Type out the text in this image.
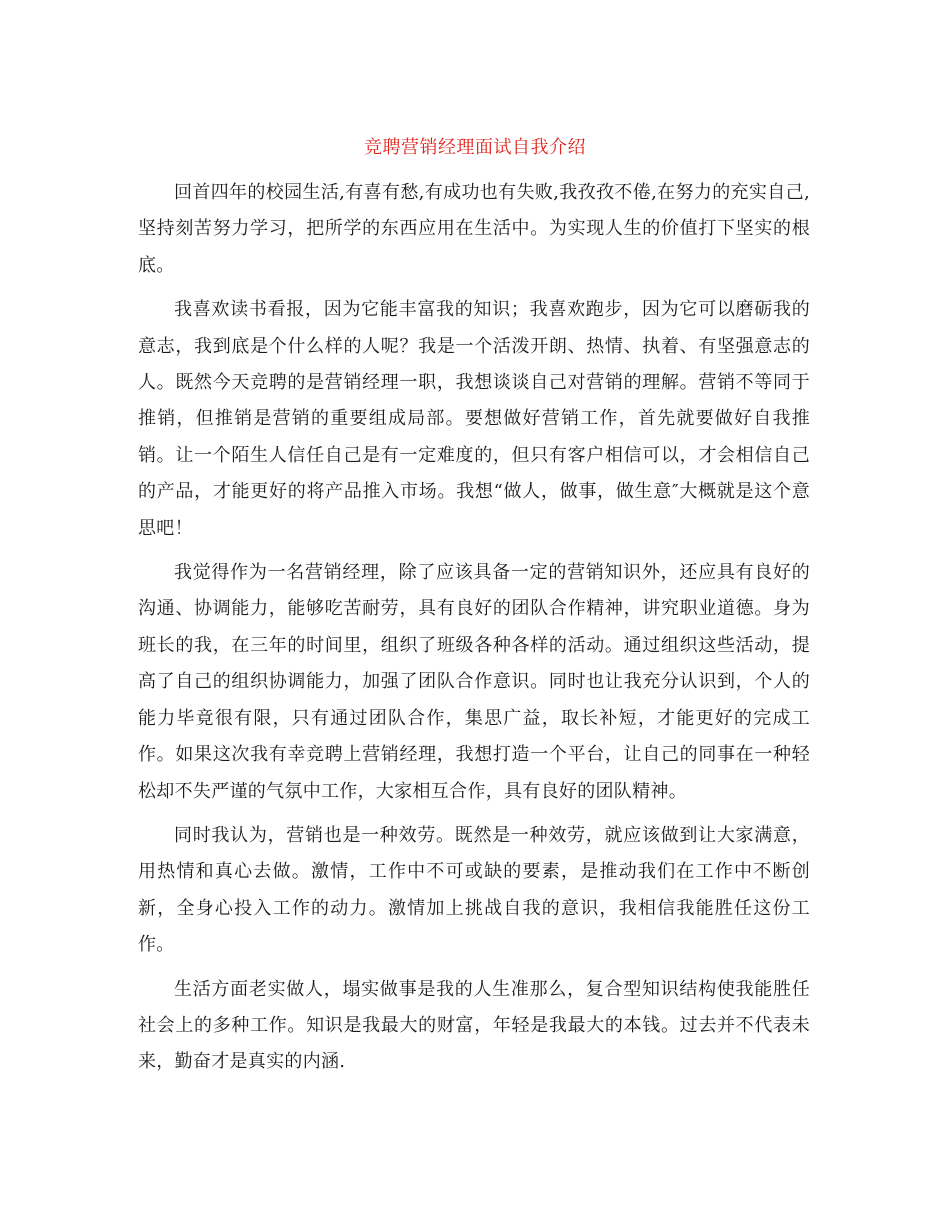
竞聘营销经理面试自我介绍

回首四年的校园生活,有喜有愁,有成功也有失败,我孜孜不倦,在努力的充实自己,坚持刻苦努力学习，把所学的东西应用在生活中。为实现人生的价值打下坚实的根底。

我喜欢读书看报，因为它能丰富我的知识；我喜欢跑步，因为它可以磨砺我的意志，我到底是个什么样的人呢？我是一个活泼开朗、热情、执着、有坚强意志的人。既然今天竞聘的是营销经理一职，我想谈谈自己对营销的理解。营销不等同于推销，但推销是营销的重要组成局部。要想做好营销工作，首先就要做好自我推销。让一个陌生人信任自己是有一定难度的，但只有客户相信可以，才会相信自己的产品，才能更好的将产品推入市场。我想“做人，做事，做生意″大概就是这个意思吧！

我觉得作为一名营销经理，除了应该具备一定的营销知识外，还应具有良好的沟通、协调能力，能够吃苦耐劳，具有良好的团队合作精神，讲究职业道德。身为班长的我，在三年的时间里，组织了班级各种各样的活动。通过组织这些活动，提高了自己的组织协调能力，加强了团队合作意识。同时也让我充分认识到，个人的能力毕竟很有限，只有通过团队合作，集思广益，取长补短，才能更好的完成工作。如果这次我有幸竞聘上营销经理，我想打造一个平台，让自己的同事在一种轻松却不失严谨的气氛中工作，大家相互合作，具有良好的团队精神。

同时我认为，营销也是一种效劳。既然是一种效劳，就应该做到让大家满意，用热情和真心去做。激情，工作中不可或缺的要素，是推动我们在工作中不断创新，全身心投入工作的动力。激情加上挑战自我的意识，我相信我能胜任这份工作。

生活方面老实做人，塌实做事是我的人生准那么，复合型知识结构使我能胜任社会上的多种工作。知识是我最大的财富，年轻是我最大的本钱。过去并不代表未来，勤奋才是真实的内涵.
